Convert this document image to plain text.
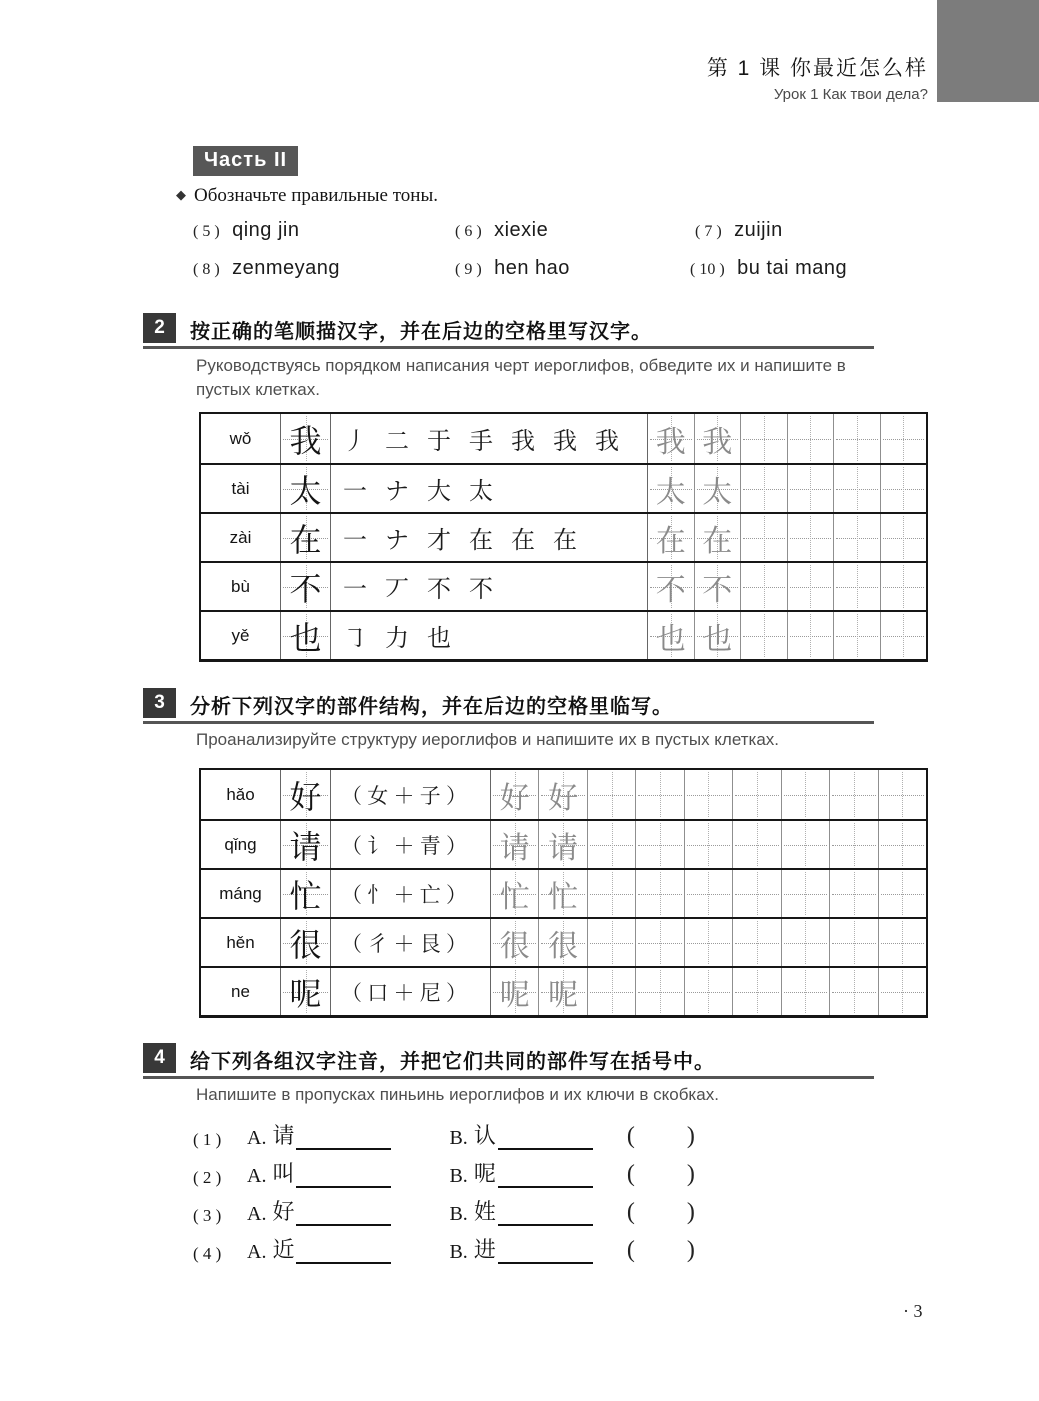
第 1 课 你最近怎么样
Урок 1 Как твои дела?
Часть II
◆ Обозначьте правильные тоны.
( 5 ) qing jin	( 6 ) xiexie	( 7 ) zuijin
( 8 ) zenmeyang	( 9 ) hen hao	( 10 ) bu tai mang
2	按正确的笔顺描汉字，并在后边的空格里写汉字。
Руководствуясь порядком написания черт иероглифов, обведите их и напишите в пустых клетках.
wǒ	我 丿 二 于 手 我 我 我	我 我
tài	太 一 ナ 大 太	太 太
zài	在 一 ナ 才 在 在 在	在 在
bù	不 一 丆 不 不	不 不
yě	也 ㇆ 力 也	也 也
3	分析下列汉字的部件结构，并在后边的空格里临写。
Проанализируйте структуру иероглифов и напишите их в пустых клетках.
hǎo	好 （ 女 ＋ 子 ）	好 好
qǐng	请 （ 讠 ＋ 青 ）	请 请
máng 忙 （ 忄 ＋ 亡 ）	忙 忙
hěn	很 （ 彳 ＋ 艮 ）	很 很
ne	呢 （ 口 ＋ 尼 ）	呢 呢
4	给下列各组汉字注音，并把它们共同的部件写在括号中。
Напишите в пропусках пиньинь иероглифов и их ключи в скобках.
( 1 )	A. 请	B. 认	( )
( 2 )	A. 叫	B. 呢	( )
( 3 )	A. 好	B. 姓	( )
( 4 )	A. 近	B. 进	( )
· 3
